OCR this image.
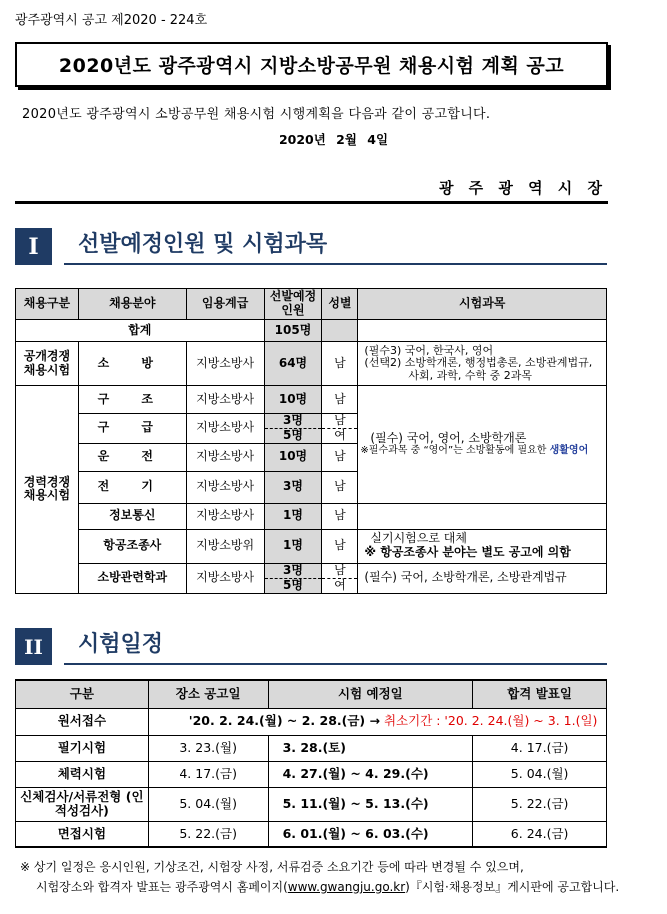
광주광역시 공고 제2020 - 224호
2020년도 광주광역시 지방소방공무원 채용시험 계획 공고
2020년도 광주광역시 소방공무원 채용시험 시행계획을 다음과 같이 공고합니다.
2020년 2월 4일
광 주 광 역 시 장
I	선발예정인원 및 시험과목
채용구분	채용분야	임용계급	선발예정 인원	성별	시험과목
합계			105명		
공개경쟁 채용시험	소 방	지방소방사	64명	남	(필수3) 국어, 한국사, 영어
(선택2) 소방학개론, 행정법총론, 소방관계법규,
사회, 과학, 수학 중 2과목

경력경쟁 채용시험	구 조	지방소방사	10명	남	(필수) 국어, 영어, 소방학개론
※필수과목 중 “영어”는 소방활동에 필요한 생활영어

	구 급	지방소방사	3명	남	
			5명	여	
	운 전	지방소방사	10명	남	
	전 기	지방소방사	3명	남	
	정보통신	지방소방사	1명	남	
	항공조종사	지방소방위	1명	남	실기시험으로 대체
※ 항공조종사 분야는 별도 공고에 의함

	소방관련학과	지방소방사	3명	남	(필수) 국어, 소방학개론, 소방관계법규
			5명	여	
II	시험일정
구분	장소 공고일	시험 예정일	합격 발표일
원서접수	'20. 2. 24.(월) ~ 2. 28.(금) → 취소기간 : '20. 2. 24.(월) ~ 3. 1.(일)		
필기시험	3. 23.(월)	3. 28.(토)	4. 17.(금)
체력시험	4. 17.(금)	4. 27.(월) ~ 4. 29.(수)	5. 04.(월)
신체검사/서류전형 (인적성검사)	5. 04.(월)	5. 11.(월) ~ 5. 13.(수)	5. 22.(금)
면접시험	5. 22.(금)	6. 01.(월) ~ 6. 03.(수)	6. 24.(금)
※ 상기 일정은 응시인원, 기상조건, 시험장 사정, 서류검증 소요기간 등에 따라 변경될 수 있으며,
시험장소와 합격자 발표는 광주광역시 홈페이지(www.gwangju.go.kr)『시험·채용정보』게시판에 공고합니다.
